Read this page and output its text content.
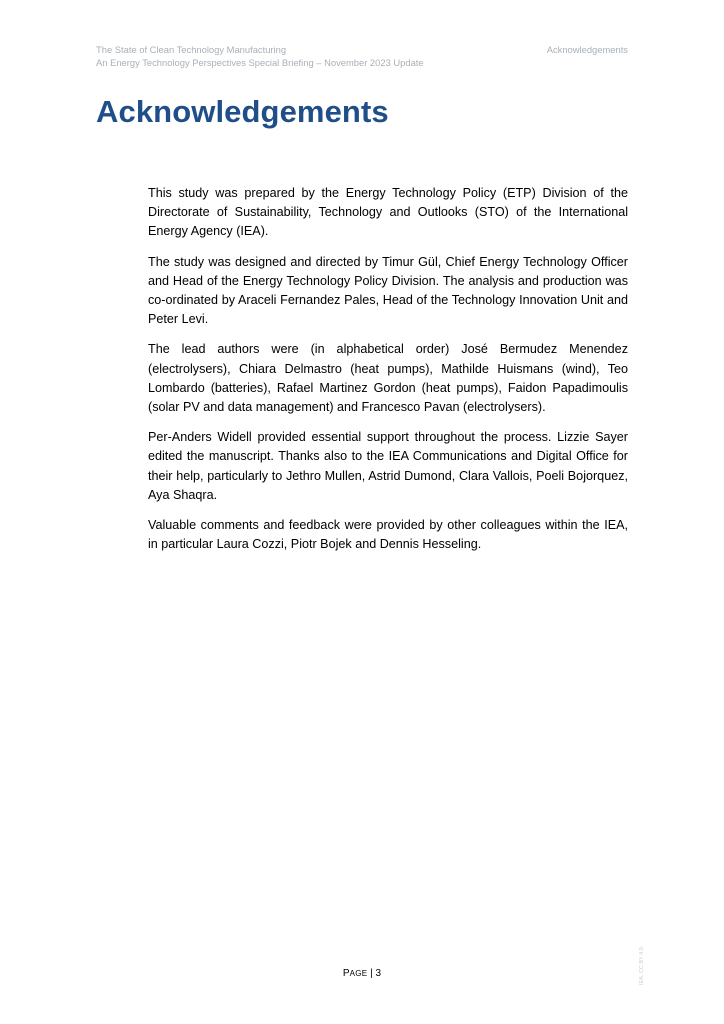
The State of Clean Technology Manufacturing
An Energy Technology Perspectives Special Briefing – November 2023 Update
Acknowledgements
Acknowledgements

This study was prepared by the Energy Technology Policy (ETP) Division of the Directorate of Sustainability, Technology and Outlooks (STO) of the International Energy Agency (IEA).

The study was designed and directed by Timur Gül, Chief Energy Technology Officer and Head of the Energy Technology Policy Division. The analysis and production was co-ordinated by Araceli Fernandez Pales, Head of the Technology Innovation Unit and Peter Levi.

The lead authors were (in alphabetical order) José Bermudez Menendez (electrolysers), Chiara Delmastro (heat pumps), Mathilde Huismans (wind), Teo Lombardo (batteries), Rafael Martinez Gordon (heat pumps), Faidon Papadimoulis (solar PV and data management) and Francesco Pavan (electrolysers).

Per-Anders Widell provided essential support throughout the process. Lizzie Sayer edited the manuscript. Thanks also to the IEA Communications and Digital Office for their help, particularly to Jethro Mullen, Astrid Dumond, Clara Vallois, Poeli Bojorquez, Aya Shaqra.

Valuable comments and feedback were provided by other colleagues within the IEA, in particular Laura Cozzi, Piotr Bojek and Dennis Hesseling.

PAGE | 3	IEA. CC BY 4.0.
